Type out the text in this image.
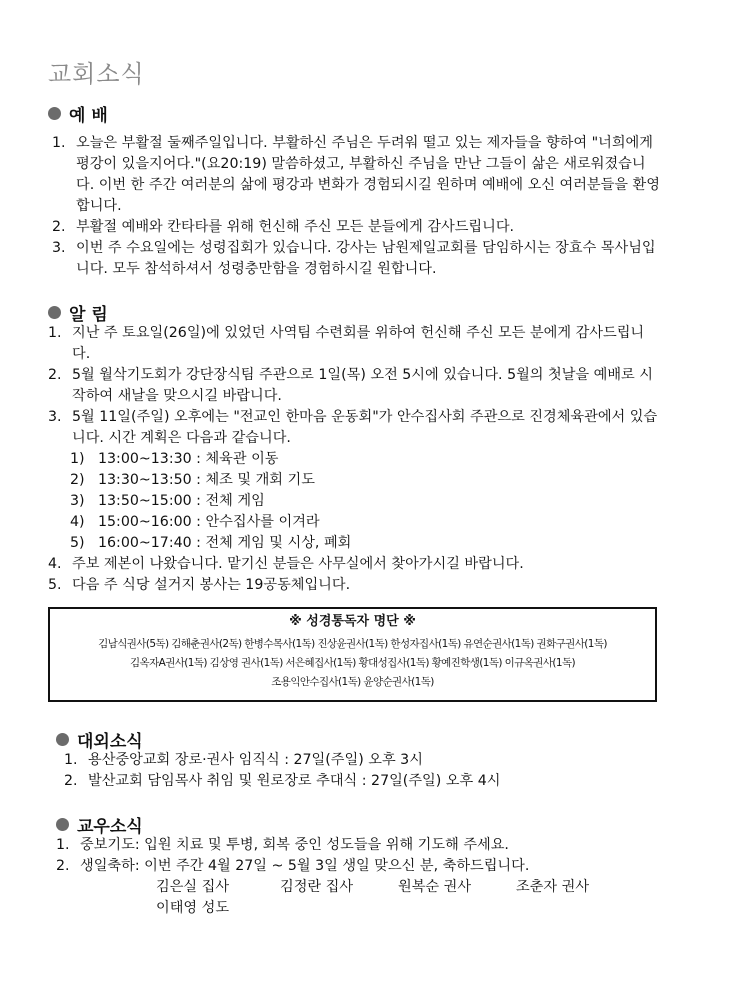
교회소식
예 배
1. 오늘은 부활절 둘째주일입니다. 부활하신 주님은 두려워 떨고 있는 제자들을 향하여 "너희에게 평강이 있을지어다."(요20:19) 말씀하셨고, 부활하신 주님을 만난 그들이 삶은 새로워졌습니다. 이번 한 주간 여러분의 삶에 평강과 변화가 경험되시길 원하며 예배에 오신 여러분들을 환영합니다.
2. 부활절 예배와 칸타타를 위해 헌신해 주신 모든 분들에게 감사드립니다.
3. 이번 주 수요일에는 성령집회가 있습니다. 강사는 남원제일교회를 담임하시는 장효수 목사님입니다. 모두 참석하셔서 성령충만함을 경험하시길 원합니다.
알 림
1. 지난 주 토요일(26일)에 있었던 사역팀 수련회를 위하여 헌신해 주신 모든 분에게 감사드립니다.
2. 5월 월삭기도회가 강단장식팀 주관으로 1일(목) 오전 5시에 있습니다. 5월의 첫날을 예배로 시작하여 새날을 맞으시길 바랍니다.
3. 5월 11일(주일) 오후에는 "전교인 한마음 운동회"가 안수집사회 주관으로 진경체육관에서 있습니다. 시간 계획은 다음과 같습니다.
1) 13:00~13:30 : 체육관 이동
2) 13:30~13:50 : 체조 및 개회 기도
3) 13:50~15:00 : 전체 게임
4) 15:00~16:00 : 안수집사를 이겨라
5) 16:00~17:40 : 전체 게임 및 시상, 폐회
4. 주보 제본이 나왔습니다. 맡기신 분들은 사무실에서 찾아가시길 바랍니다.
5. 다음 주 식당 설거지 봉사는 19공동체입니다.
※ 성경통독자 명단 ※
김남식권사(5독) 김해춘권사(2독) 한병수목사(1독) 진상윤권사(1독) 한성자집사(1독) 유연순권사(1독) 권화구권사(1독)
김옥자A권사(1독) 김상영 권사(1독) 서은혜집사(1독) 황대성집사(1독) 황예진학생(1독) 이규옥권사(1독)
조용익안수집사(1독) 윤양순권사(1독)
대외소식
1. 용산중앙교회 장로·권사 임직식 : 27일(주일) 오후 3시
2. 발산교회 담임목사 취임 및 원로장로 추대식 : 27일(주일) 오후 4시
교우소식
1. 중보기도: 입원 치료 및 투병, 회복 중인 성도들을 위해 기도해 주세요.
2. 생일축하: 이번 주간 4월 27일 ~ 5월 3일 생일 맞으신 분, 축하드립니다.
김은실 집사	김정란 집사	원복순 권사	조춘자 권사
이태영 성도
